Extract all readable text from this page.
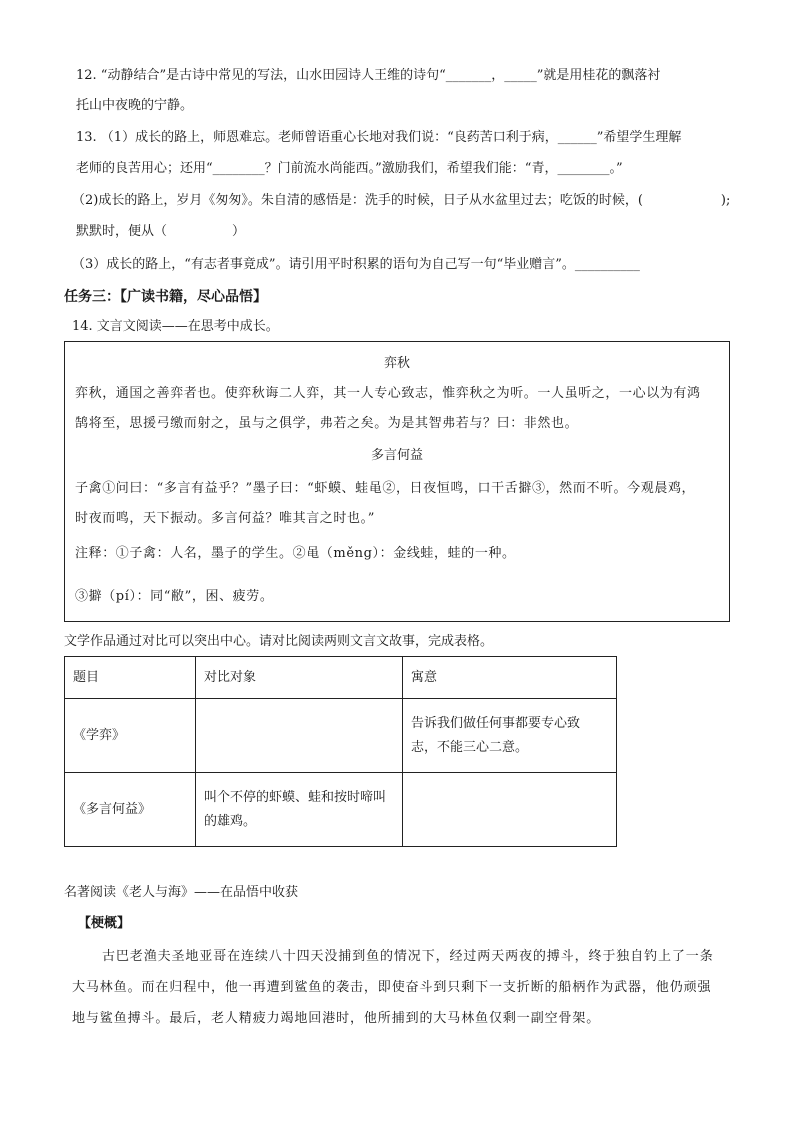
12. “动静结合”是古诗中常见的写法，山水田园诗人王维的诗句“_______，_____”就是用桂花的飘落衬
托山中夜晚的宁静。
13. （1）成长的路上，师恩难忘。老师曾语重心长地对我们说：“良药苦口利于病，______”希望学生理解
老师的良苦用心；还用“________？门前流水尚能西。”激励我们，希望我们能：“青，________。”
（2)成长的路上，岁月《匆匆》。朱自清的感悟是：洗手的时候，日子从水盆里过去；吃饭的时候，(　　　　　　);
默默时，便从（　　　　　）
（3）成长的路上，“有志者事竟成”。请引用平时积累的语句为自己写一句“毕业赠言”。__________
任务三：【广读书籍，尽心品悟】
14. 文言文阅读——在思考中成长。
弈秋
弈秋，通国之善弈者也。使弈秋诲二人弈，其一人专心致志，惟弈秋之为听。一人虽听之，一心以为有鸿
鹄将至，思援弓缴而射之，虽与之俱学，弗若之矣。为是其智弗若与？曰：非然也。
多言何益
子禽①问曰：“多言有益乎？”墨子曰：“虾蟆、蛙黾②，日夜恒鸣，口干舌擗③，然而不听。今观晨鸡，
时夜而鸣，天下振动。多言何益？唯其言之时也。”
注释：①子禽：人名，墨子的学生。②黾（měng）：金线蛙，蛙的一种。
③擗（pí）：同“敝”，困、疲劳。
文学作品通过对比可以突出中心。请对比阅读两则文言文故事，完成表格。
题目	对比对象	寓意
《学弈》		告诉我们做任何事都要专心致
志，不能三心二意。

《多言何益》	叫个不停的虾蟆、蛙和按时啼叫
的雄鸡。	

名著阅读《老人与海》——在品悟中收获
【梗概】
古巴老渔夫圣地亚哥在连续八十四天没捕到鱼的情况下，经过两天两夜的搏斗，终于独自钓上了一条
大马林鱼。而在归程中，他一再遭到鲨鱼的袭击，即使奋斗到只剩下一支折断的船柄作为武器，他仍顽强
地与鲨鱼搏斗。最后，老人精疲力竭地回港时，他所捕到的大马林鱼仅剩一副空骨架。
